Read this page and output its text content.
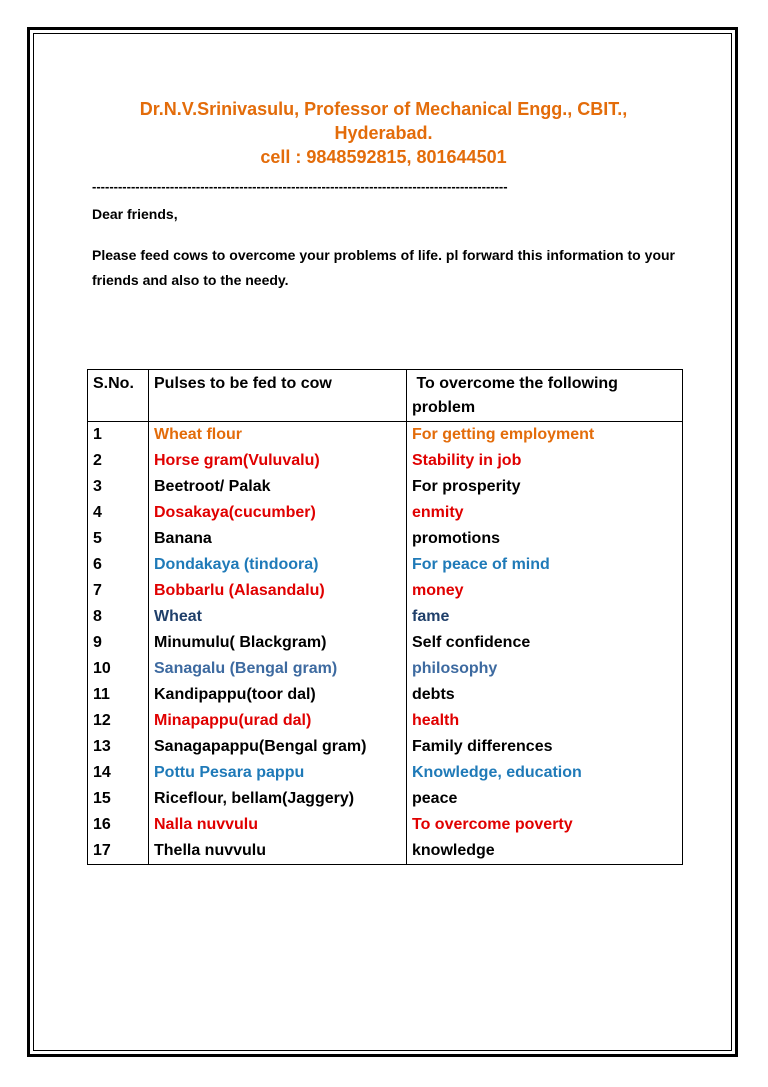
Dr.N.V.Srinivasulu, Professor of Mechanical Engg., CBIT.,
Hyderabad.
cell : 9848592815, 801644501
------------------------------------------------------------------------------------------------
Dear friends,
Please feed cows to overcome your problems of life. pl forward this information to your friends and also to the needy.
S.No.	Pulses to be fed to cow	To overcome the following problem
1	Wheat flour	For getting employment
2	Horse gram(Vuluvalu)	Stability in job
3	Beetroot/ Palak	For prosperity
4	Dosakaya(cucumber)	enmity
5	Banana	promotions
6	Dondakaya (tindoora)	For peace of mind
7	Bobbarlu (Alasandalu)	money
8	Wheat	fame
9	Minumulu( Blackgram)	Self confidence
10	Sanagalu (Bengal gram)	philosophy
11	Kandipappu(toor dal)	debts
12	Minapappu(urad dal)	health
13	Sanagapappu(Bengal gram)	Family differences
14	Pottu Pesara pappu	Knowledge, education
15	Riceflour, bellam(Jaggery)	peace
16	Nalla nuvvulu	To overcome poverty
17	Thella nuvvulu	knowledge
